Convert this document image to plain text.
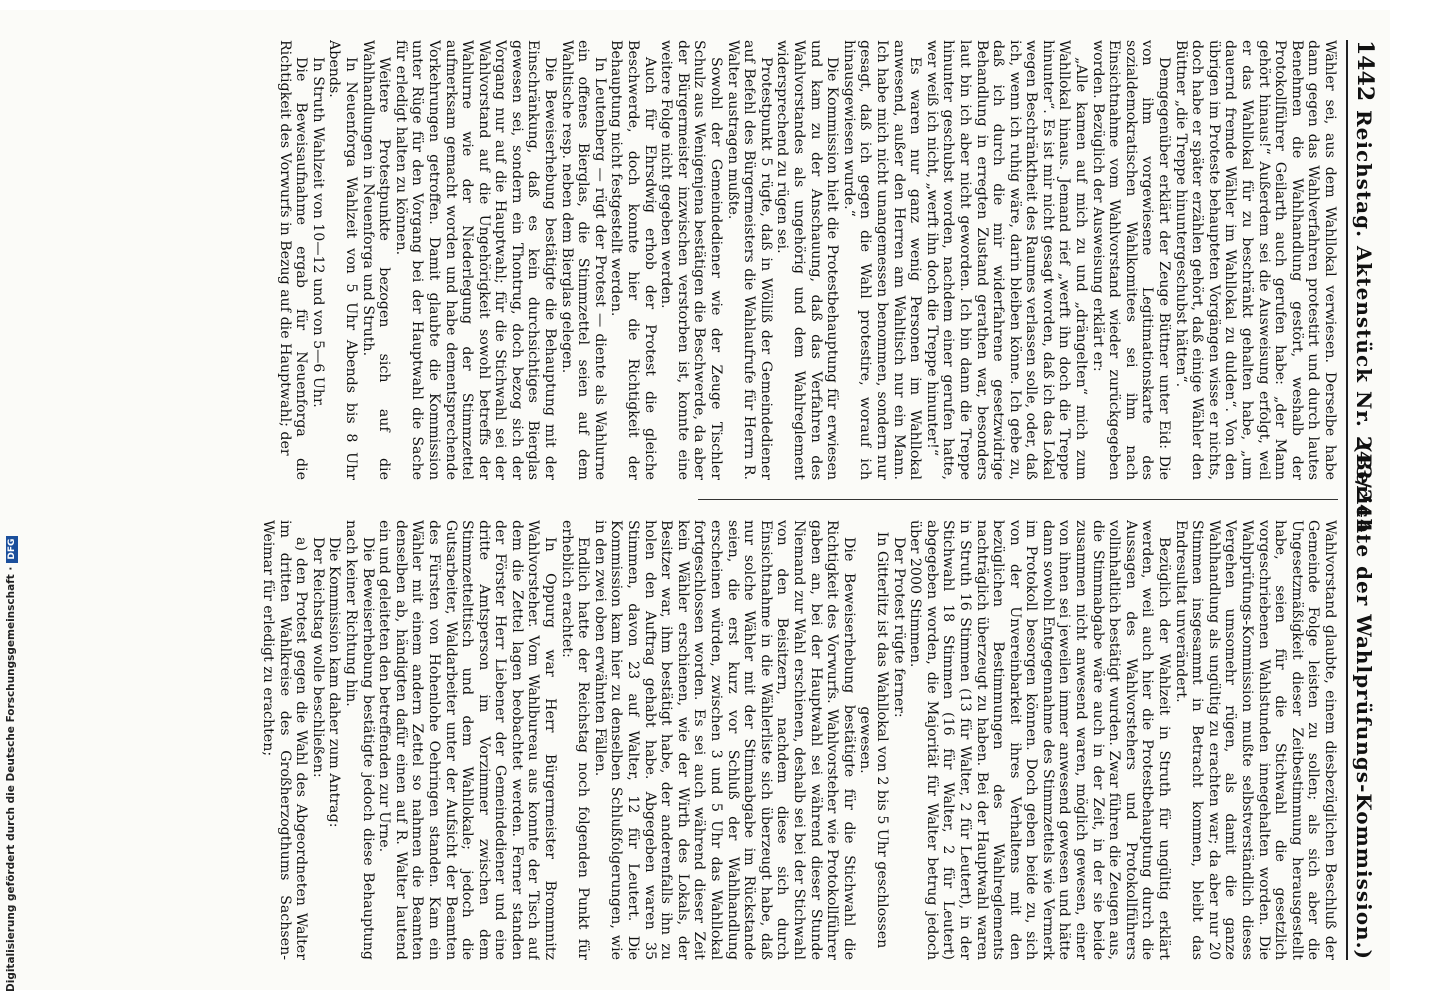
1442
Reichstag. Aktenstück Nr. 243/244.
(Berichte der Wahlprüfungs-Kommission.)

Wähler sei, aus dem Wahllokal verwiesen. Derselbe habe dann gegen das Wahlverfahren protestirt und durch lautes Benehmen die Wahlhandlung gestört, weshalb der Protokollführer Geilarth auch gerufen habe: „der Mann gehört hinaus!“ Außerdem sei die Ausweisung erfolgt, weil er das Wahllokal für zu beschränkt gehalten habe, „um dauernd fremde Wähler im Wahllokal zu dulden“. Von den übrigen im Proteste behaupteten Vorgängen wisse er nichts, doch habe er später erzählen gehört, daß einige Wähler den Büttner „die Treppe hinuntergeschubst hätten“.

Demgegenüber erklärt der Zeuge Büttner unter Eid: Die von ihm vorgewiesene Legitimationskarte des sozialdemokratischen Wahlkomitees sei ihm nach Einsichtnahme vom Wahlvorstand wieder zurückgegeben worden. Bezüglich der Ausweisung erklärt er:

„Alle kamen auf mich zu und „drängelten“ mich zum Wahllokal hinaus. Jemand rief „werft ihn doch die Treppe hinunter“. Es ist mir nicht gesagt worden, daß ich das Lokal wegen Beschränktheit des Raumes verlassen solle, oder, daß ich, wenn ich ruhig wäre, darin bleiben könne. Ich gebe zu, daß ich durch die mir widerfahrene gesetzwidrige Behandlung in erregten Zustand gerathen war, besonders laut bin ich aber nicht geworden. Ich bin dann die Treppe hinunter geschubst worden, nachdem einer gerufen hatte, wer weiß ich nicht, „werft ihn doch die Treppe hinunter!“

Es waren nur ganz wenig Personen im Wahllokal anwesend, außer den Herren am Wahltisch nur ein Mann. Ich habe mich nicht unangemessen benommen, sondern nur gesagt, daß ich gegen die Wahl protestire, worauf ich hinausgewiesen wurde.“

Die Kommission hielt die Protestbehauptung für erwiesen und kam zu der Anschauung, daß das Verfahren des Wahlvorstandes als ungehörig und dem Wahlreglement widersprechend zu rügen sei.

Protestpunkt 5 rügte, daß in Wölliß der Gemeindediener auf Befehl des Bürgermeisters die Wahlaufrufe für Herrn R. Walter austragen mußte.

Sowohl der Gemeindediener wie der Zeuge Tischler Schulz aus Wenigenjena bestätigen die Beschwerde, da aber der Bürgermeister inzwischen verstorben ist, konnte eine weitere Folge nicht gegeben werden.

Auch für Ehrsdwig erhob der Protest die gleiche Beschwerde, doch konnte hier die Richtigkeit der Behauptung nicht festgestellt werden.

In Leutenberg — rügt der Protest — diente als Wahlurne ein offenes Bierglas, die Stimmzettel seien auf dem Wahltische resp. neben dem Bierglas gelegen.

Die Beweiserhebung bestätigte die Behauptung mit der Einschränkung, daß es kein durchsichtiges Bierglas gewesen sei, sondern ein Thontrug, doch bezog sich der Vorgang nur auf die Hauptwahl; für die Stichwahl sei der Wahlvorstand auf die Ungehörigkeit sowohl betreffs der Wahlurne wie der Niederlegung der Stimmzettel aufmerksam gemacht worden und habe dementsprechende Vorkehrungen getroffen. Damit glaubte die Kommission unter Rüge für den Vorgang bei der Hauptwahl die Sache für erledigt halten zu können.

Weitere Protestpunkte bezogen sich auf die Wahlhandlungen in Neuenforga und Struth.

In Neuenforga Wahlzeit von 5 Uhr Abends bis 8 Uhr Abends.

In Struth Wahlzeit von 10—12 und von 5—6 Uhr.

Die Beweisaufnahme ergab für Neuenforga die Richtigkeit des Vorwurfs in Bezug auf die Hauptwahl; der

Wahlvorstand glaubte, einem diesbezüglichen Beschluß der Gemeinde Folge leisten zu sollen; als sich aber die Ungesetzmäßigkeit dieser Zeitbestimmung herausgestellt habe, seien für die Stichwahl die gesetzlich vorgeschriebenen Wahlstunden innegehalten worden. Die Wahlprüfungs-Kommission mußte selbstverständlich dieses Vergehen umsomehr rügen, als damit die ganze Wahlhandlung als ungültig zu erachten war; da aber nur 20 Stimmen insgesammt in Betracht kommen, bleibt das Endresultat unverändert.

Bezüglich der Wahlzeit in Struth für ungültig erklärt werden, weil auch hier die Protestbehauptung durch die Aussagen des Wahlvorstehers und Protokollführers vollinhaltlich bestätigt wurden. Zwar führen die Zeugen aus, die Stimmabgabe wäre auch in der Zeit, in der sie beide zusammen nicht anwesend waren, möglich gewesen, einer von ihnen sei jeweilen immer anwesend gewesen und hätte dann sowohl Entgegennahme des Stimmzettels wie Vermerk im Protokoll besorgen können. Doch geben beide zu, sich von der Unvereinbarkeit ihres Verhaltens mit den bezüglichen Bestimmungen des Wahlreglements nachträglich überzeugt zu haben. Bei der Hauptwahl waren in Struth 16 Stimmen (13 für Walter, 2 für Leutert), in der Stichwahl 18 Stimmen (16 für Walter, 2 für Leutert) abgegeben worden, die Majorität für Walter betrug jedoch über 2000 Stimmen.

Der Protest rügte ferner:

In Gitterlitz ist das Wahllokal von 2 bis 5 Uhr geschlossen gewesen.

Die Beweiserhebung bestätigte für die Stichwahl die Richtigkeit des Vorwurfs. Wahlvorsteher wie Protokollführer gaben an, bei der Hauptwahl sei während dieser Stunde Niemand zur Wahl erschienen, deshalb sei bei der Stichwahl von den Beisitzern, nachdem diese sich durch Einsichtnahme in die Wählerliste sich überzeugt habe, daß nur solche Wähler mit der Stimmabgabe im Rückstande seien, die erst kurz vor Schluß der Wahlhandlung erscheinen würden, zwischen 3 und 5 Uhr das Wahllokal fortgeschlossen worden. Es sei auch während dieser Zeit kein Wähler erschienen, wie der Wirth des Lokals, der Besitzer war, ihm bestätigt habe, der anderenfalls ihn zu holen den Auftrag gehabt habe. Abgegeben waren 35 Stimmen, davon 23 auf Walter, 12 für Leutert. Die Kommission kam hier zu denselben Schlußfolgerungen, wie in den zwei oben erwähnten Fällen.

Endlich hatte der Reichstag noch folgenden Punkt für erheblich erachtet:

In Oppurg war Herr Bürgermeister Brommnitz Wahlvorsteher. Vom Wahlbureau aus konnte der Tisch auf dem die Zettel lagen beobachtet werden. Ferner standen der Förster Herr Liebener der Gemeindediener und eine dritte Amtsperson im Vorzimmer zwischen dem Stimmzettelttisch und dem Wahllokale; jedoch die Gutsarbeiter, Waldarbeiter unter der Aufsicht der Beamten des Fürsten von Hohenlohe Oehringen standen. Kam ein Wähler mit einem andern Zettel so nahmen die Beamten denselben ab, händigten dafür einen auf R. Walter lautend ein und geleiteten den betreffenden zur Urne.

Die Beweiserhebung bestätigte jedoch diese Behauptung nach keiner Richtung hin.

Die Kommission kam daher zum Antrag:

Der Reichstag wolle beschließen:

a) den Protest gegen die Wahl des Abgeordneten Walter im dritten Wahlkreise des Großherzogthums Sachsen-Weimar für erledigt zu erachten;

Digitalisierung gefördert durch die Deutsche Forschungsgemeinschaft ·DFG
